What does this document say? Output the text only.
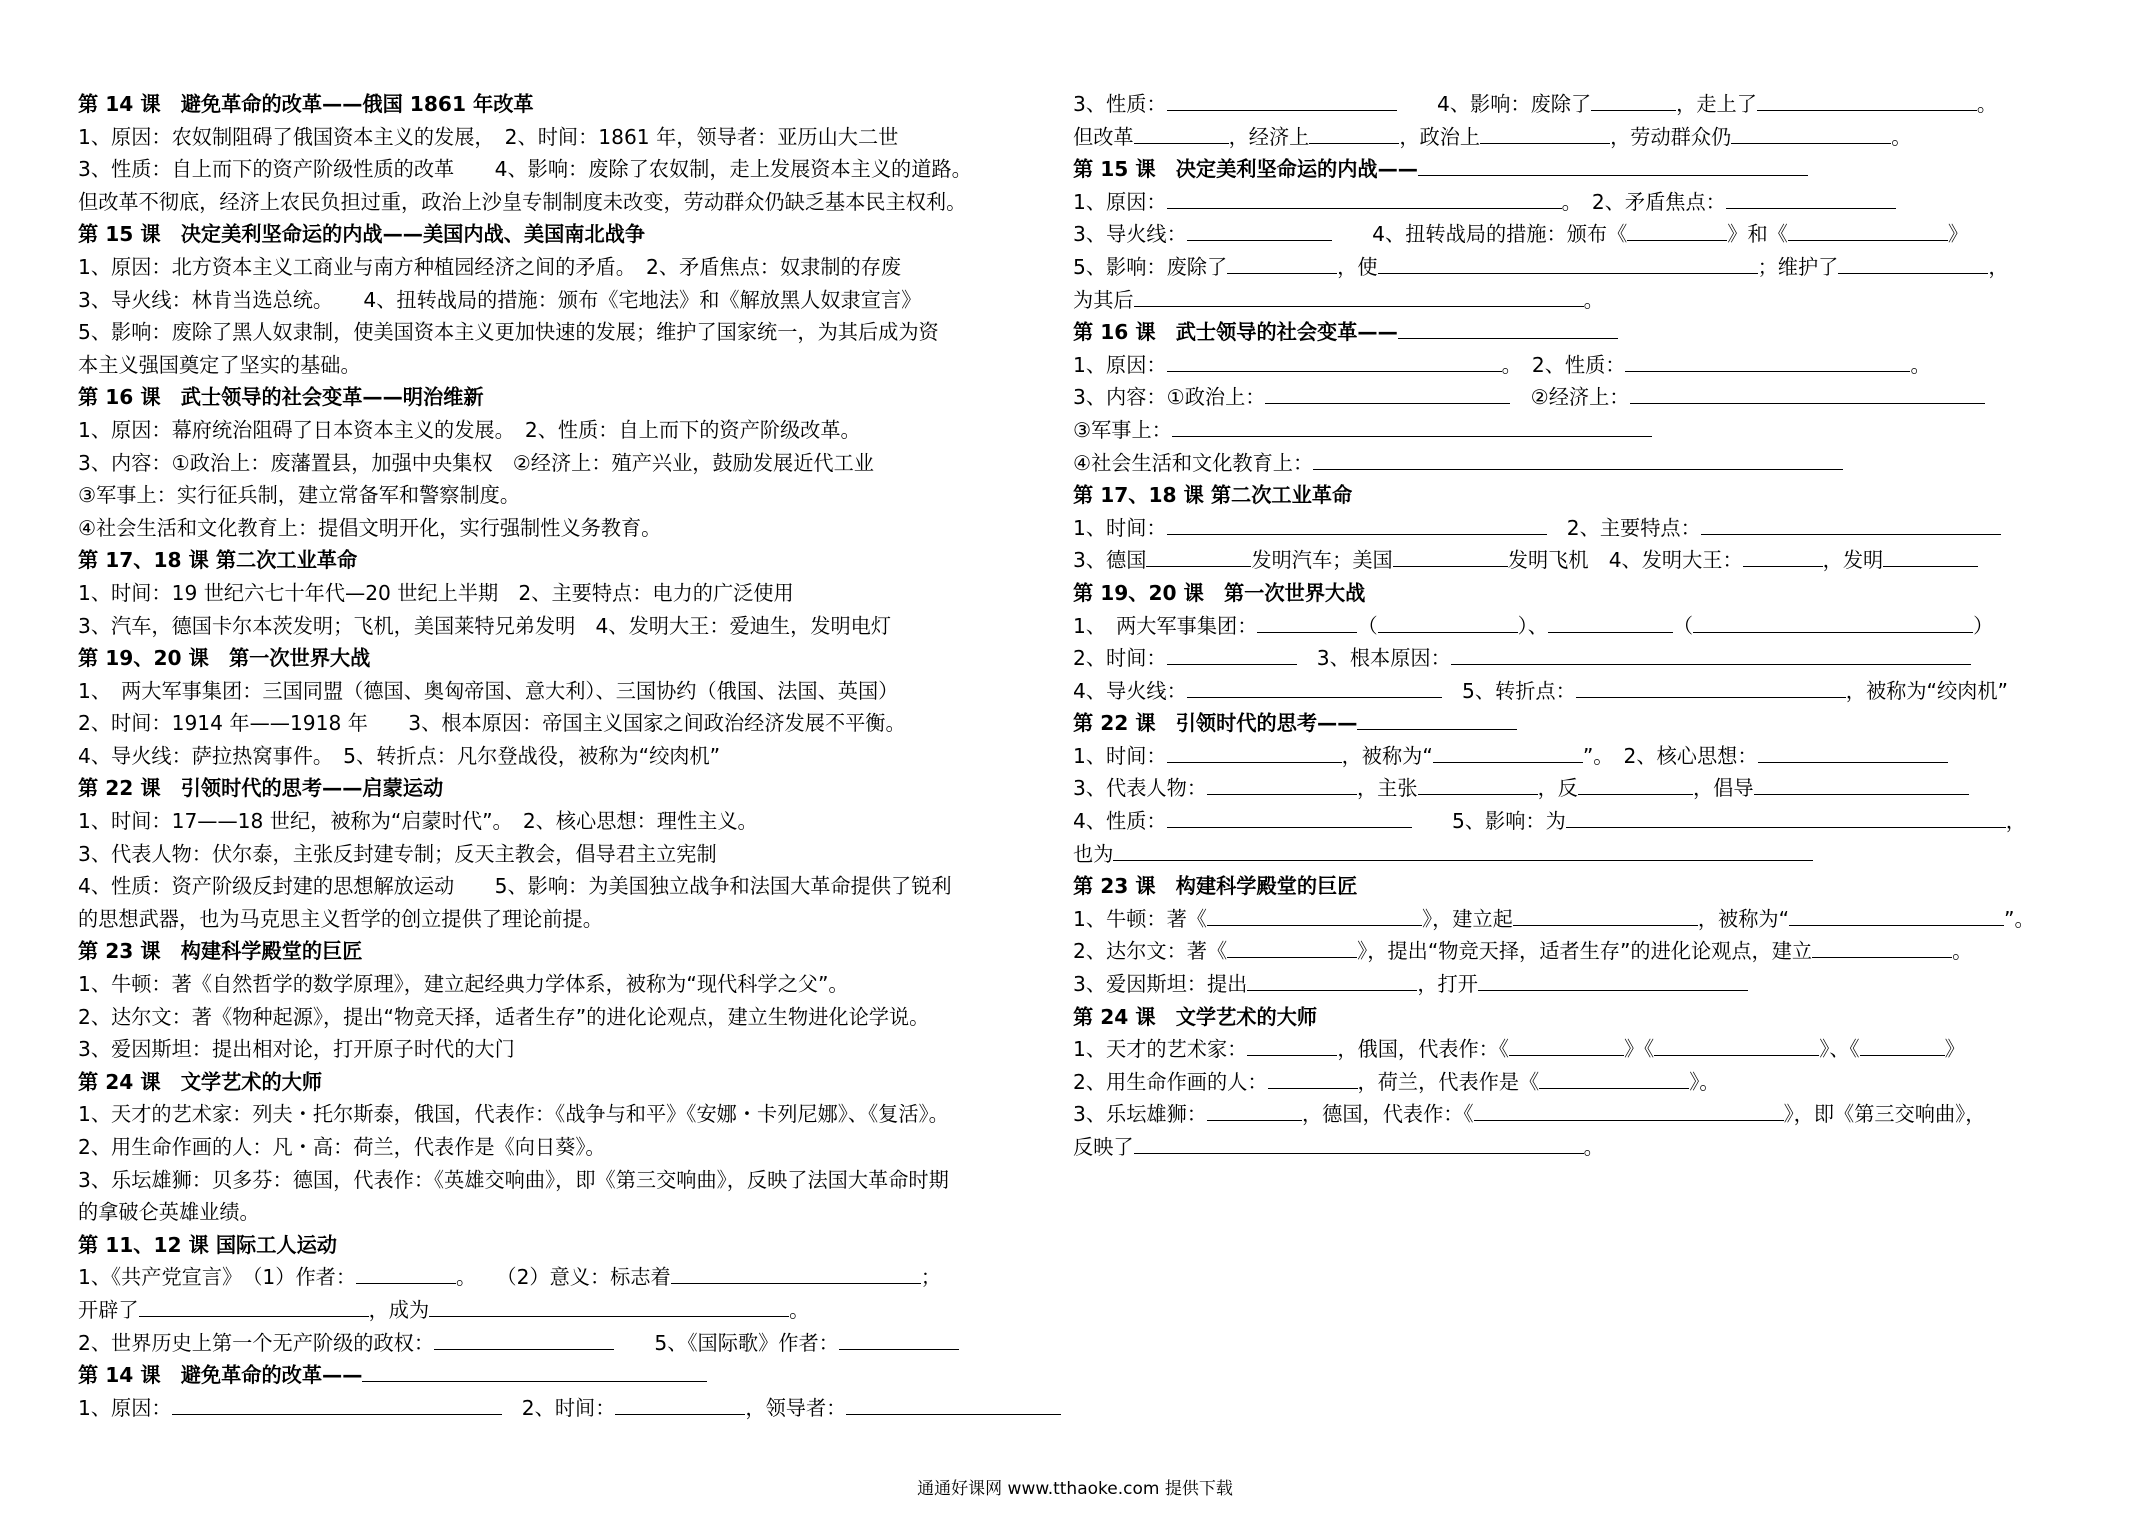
第 14 课　避免革命的改革——俄国 1861 年改革
1、原因：农奴制阻碍了俄国资本主义的发展，　2、时间：1861 年，领导者：亚历山大二世
3、性质：自上而下的资产阶级性质的改革　　4、影响：废除了农奴制，走上发展资本主义的道路。
但改革不彻底，经济上农民负担过重，政治上沙皇专制制度未改变，劳动群众仍缺乏基本民主权利。
第 15 课　决定美利坚命运的内战——美国内战、美国南北战争
1、原因：北方资本主义工商业与南方种植园经济之间的矛盾。　2、矛盾焦点：奴隶制的存废
3、导火线：林肯当选总统。　　4、扭转战局的措施：颁布《宅地法》和《解放黑人奴隶宣言》
5、影响：废除了黑人奴隶制，使美国资本主义更加快速的发展；维护了国家统一，为其后成为资
本主义强国奠定了坚实的基础。
第 16 课　武士领导的社会变革——明治维新
1、原因：幕府统治阻碍了日本资本主义的发展。　2、性质：自上而下的资产阶级改革。
3、内容：①政治上：废藩置县，加强中央集权　②经济上：殖产兴业，鼓励发展近代工业
③军事上：实行征兵制，建立常备军和警察制度。
④社会生活和文化教育上：提倡文明开化，实行强制性义务教育。
第 17、18 课 第二次工业革命
1、时间：19 世纪六七十年代—20 世纪上半期　2、主要特点：电力的广泛使用
3、汽车，德国卡尔本茨发明；飞机，美国莱特兄弟发明　4、发明大王：爱迪生，发明电灯
第 19、20 课　第一次世界大战
1、　两大军事集团：三国同盟（德国、奥匈帝国、意大利）、三国协约（俄国、法国、英国）
2、时间：1914 年——1918 年　　3、根本原因：帝国主义国家之间政治经济发展不平衡。
4、导火线：萨拉热窝事件。　5、转折点：凡尔登战役，被称为“绞肉机”
第 22 课　引领时代的思考——启蒙运动
1、时间：17——18 世纪，被称为“启蒙时代”。　2、核心思想：理性主义。
3、代表人物：伏尔泰，主张反封建专制；反天主教会，倡导君主立宪制
4、性质：资产阶级反封建的思想解放运动　　5、影响：为美国独立战争和法国大革命提供了锐利
的思想武器，也为马克思主义哲学的创立提供了理论前提。
第 23 课　构建科学殿堂的巨匠
1、牛顿：著《自然哲学的数学原理》，建立起经典力学体系，被称为“现代科学之父”。
2、达尔文：著《物种起源》，提出“物竞天择，适者生存”的进化论观点，建立生物进化论学说。
3、爱因斯坦：提出相对论，打开原子时代的大门
第 24 课　文学艺术的大师
1、天才的艺术家：列夫・托尔斯泰，俄国，代表作：《战争与和平》《安娜・卡列尼娜》、《复活》。
2、用生命作画的人：凡・高：荷兰，代表作是《向日葵》。
3、乐坛雄狮：贝多芬：德国，代表作：《英雄交响曲》，即《第三交响曲》，反映了法国大革命时期
的拿破仑英雄业绩。
第 11、12 课 国际工人运动
1、《共产党宣言》　（1）作者：	。　　（2）意义：标志着	；
开辟了	，成为	。
2、世界历史上第一个无产阶级的政权：	　　5、《国际歌》作者：
第 14 课　避免革命的改革——
1、原因：	　2、时间：	，领导者：
3、性质：	　　4、影响：废除了	，走上了	。
但改革	，经济上	，政治上	，劳动群众仍	。
第 15 课　决定美利坚命运的内战——
1、原因：	。　2、矛盾焦点：
3、导火线：	　　4、扭转战局的措施：颁布《	》和《	》
5、影响：废除了	，使	；维护了	，
为其后	。
第 16 课　武士领导的社会变革——
1、原因：	。　2、性质：	。
3、内容：①政治上：	　②经济上：
③军事上：
④社会生活和文化教育上：
第 17、18 课 第二次工业革命
1、时间：	　2、主要特点：
3、德国	发明汽车；美国	发明飞机　4、发明大王：	，发明
第 19、20 课　第一次世界大战
1、　两大军事集团：	（	）、	（	）
2、时间：	　3、根本原因：
4、导火线：	　5、转折点：	，被称为“绞肉机”
第 22 课　引领时代的思考——
1、时间：	，被称为“	”。　2、核心思想：
3、代表人物：	，主张	，反	，倡导
4、性质：	　　5、影响：为	，
也为
第 23 课　构建科学殿堂的巨匠
1、牛顿：著《	》，建立起	，被称为“	”。
2、达尔文：著《	》，提出“物竞天择，适者生存”的进化论观点，建立	。
3、爱因斯坦：提出	，打开
第 24 课　文学艺术的大师
1、天才的艺术家：	，俄国，代表作：《	》《	》、《	》
2、用生命作画的人：	，荷兰，代表作是《	》。
3、乐坛雄狮：	，德国，代表作：《	》，即《第三交响曲》，
反映了	。
通通好课网 www.tthaoke.com 提供下载
